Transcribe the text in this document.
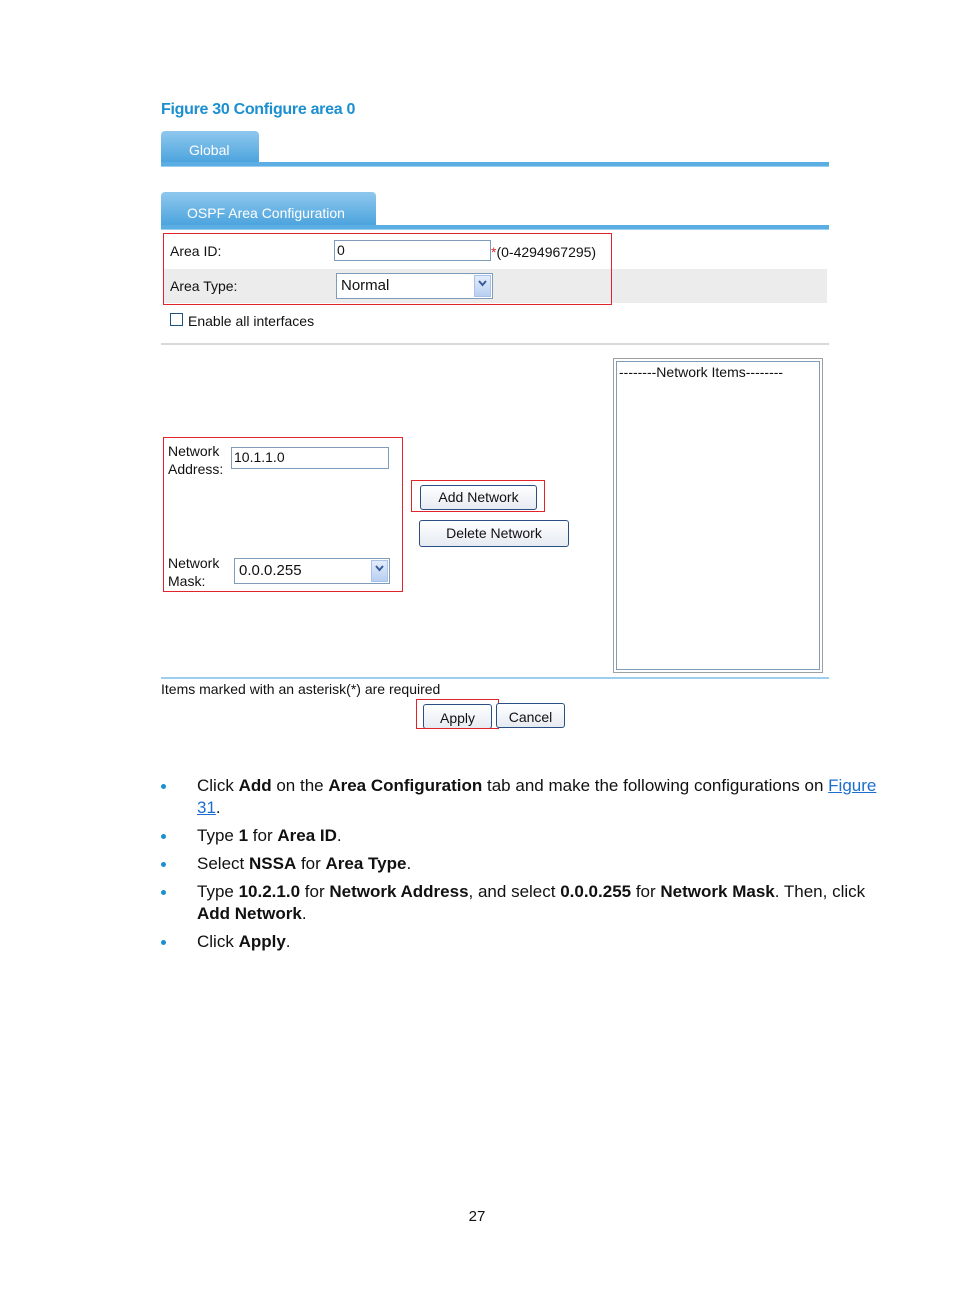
Figure 30 Configure area 0
Global
OSPF Area Configuration
Area ID:	0	*(0-4294967295)
Area Type:	Normal
Enable all interfaces
Network
Address:
10.1.1.0
Network
Mask:
0.0.0.255
Add Network
Delete Network
--------Network Items--------
Items marked with an asterisk(*) are required
Apply	Cancel
Click Add on the Area Configuration tab and make the following configurations on Figure 31.
Type 1 for Area ID.
Select NSSA for Area Type.
Type 10.2.1.0 for Network Address, and select 0.0.0.255 for Network Mask. Then, click Add Network.
Click Apply.
27
